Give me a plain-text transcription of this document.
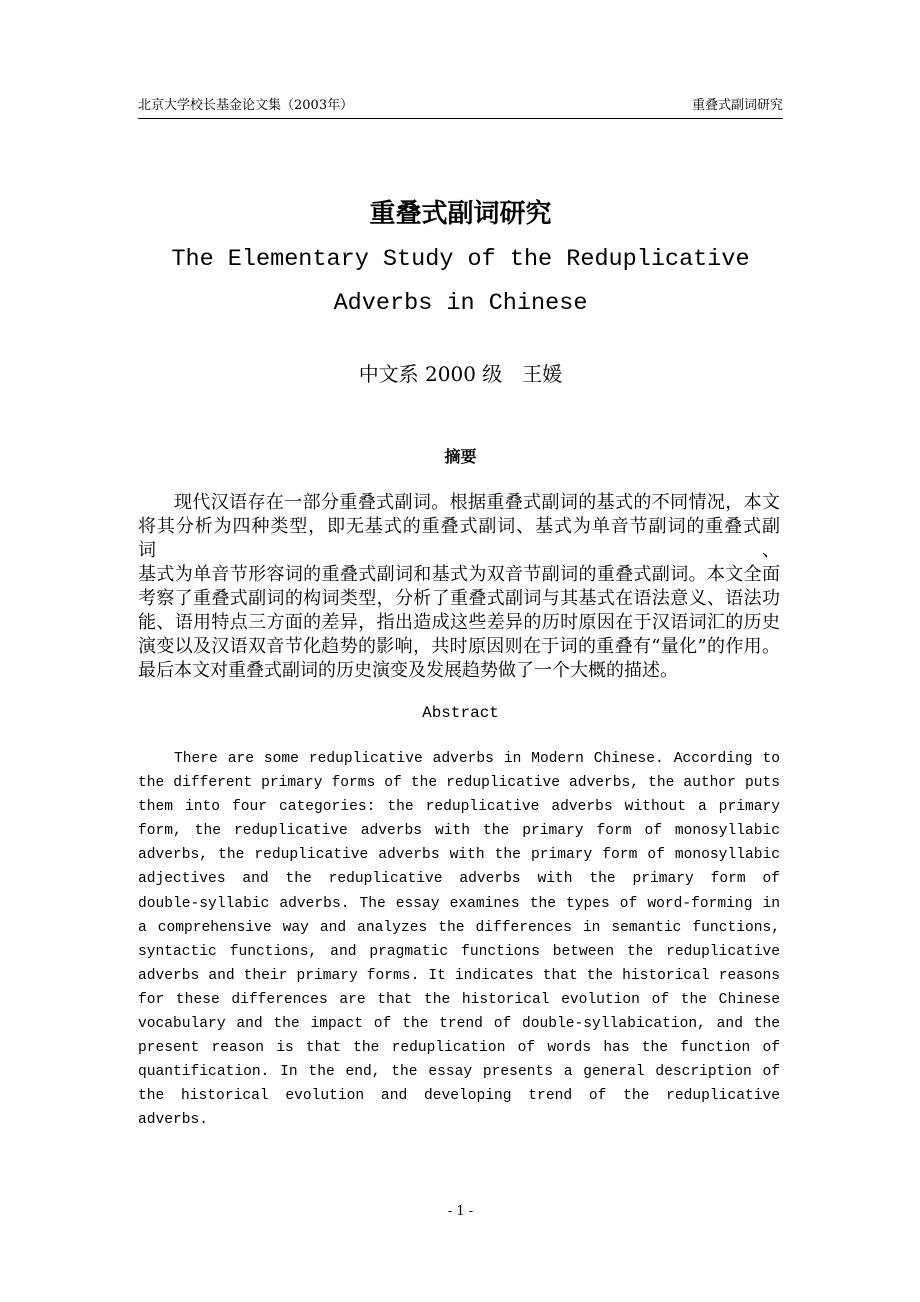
北京大学校长基金论文集（2003年）	重叠式副词研究
重叠式副词研究
The Elementary Study of the Reduplicative
Adverbs in Chinese
中文系 2000 级　王媛
摘要
现代汉语存在一部分重叠式副词。根据重叠式副词的基式的不同情况，本文
将其分析为四种类型，即无基式的重叠式副词、基式为单音节副词的重叠式副词、
基式为单音节形容词的重叠式副词和基式为双音节副词的重叠式副词。本文全面
考察了重叠式副词的构词类型，分析了重叠式副词与其基式在语法意义、语法功
能、语用特点三方面的差异，指出造成这些差异的历时原因在于汉语词汇的历史
演变以及汉语双音节化趋势的影响，共时原因则在于词的重叠有“量化”的作用。
最后本文对重叠式副词的历史演变及发展趋势做了一个大概的描述。
Abstract
There are some reduplicative adverbs in Modern Chinese. According to
the different primary forms of the reduplicative adverbs, the author puts
them into four categories: the reduplicative adverbs without a primary
form, the reduplicative adverbs with the primary form of monosyllabic
adverbs, the reduplicative adverbs with the primary form of monosyllabic
adjectives and the reduplicative adverbs with the primary form of
double-syllabic adverbs. The essay examines the types of word-forming in
a comprehensive way and analyzes the differences in semantic functions,
syntactic functions, and pragmatic functions between the reduplicative
adverbs and their primary forms. It indicates that the historical reasons
for these differences are that the historical evolution of the Chinese
vocabulary and the impact of the trend of double-syllabication, and the
present reason is that the reduplication of words has the function of
quantification. In the end, the essay presents a general description of
the historical evolution and developing trend of the reduplicative
adverbs.
- 1 -
